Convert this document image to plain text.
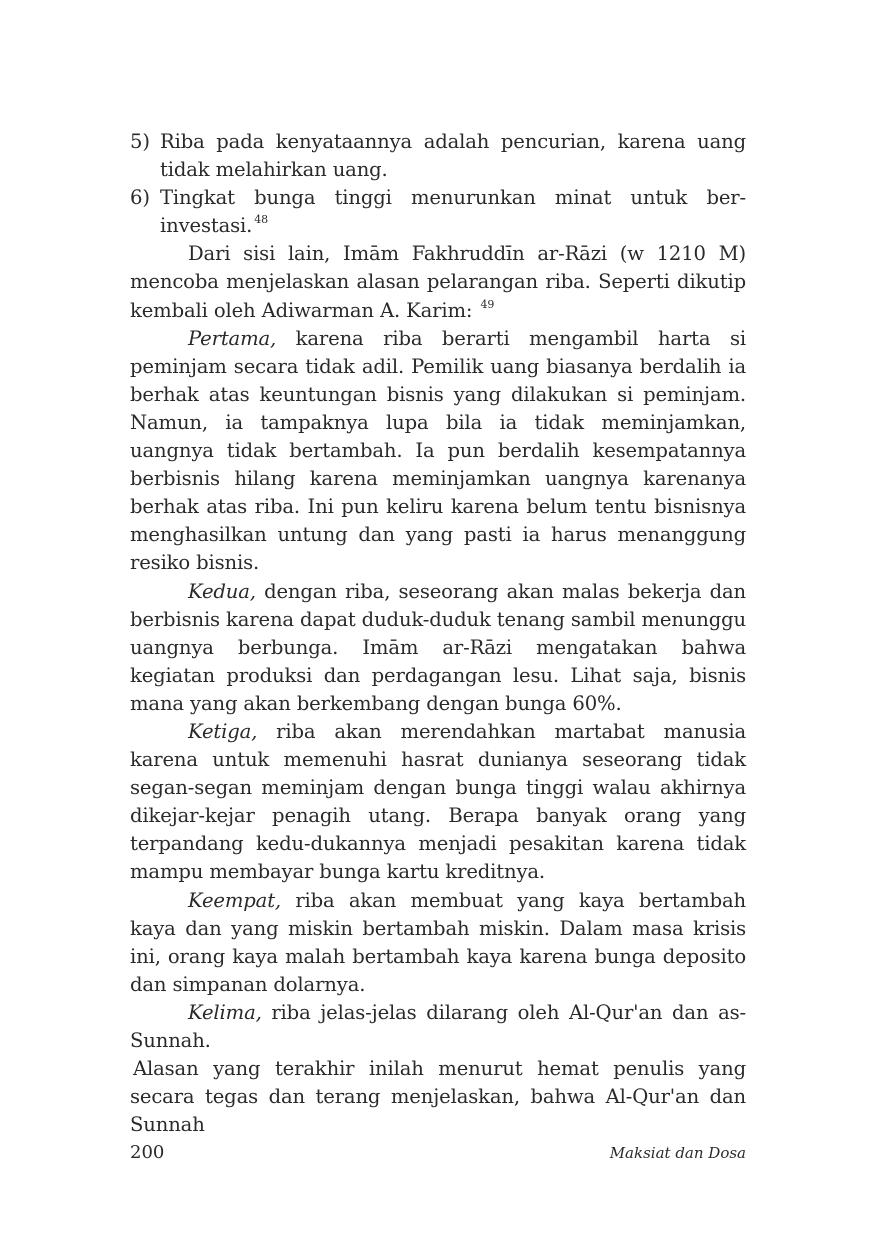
5) Riba pada kenyataannya adalah pencurian, karena uang tidak melahirkan uang.
6) Tingkat bunga tinggi menurunkan minat untuk ber-investasi. $^{48}$

Dari sisi lain, Imām Fakhruddīn ar-Rāzi (w 1210 M) mencoba menjelaskan alasan pelarangan riba. Seperti dikutip kembali oleh Adiwarman A. Karim: $^{49}$

Pertama, karena riba berarti mengambil harta si peminjam secara tidak adil. Pemilik uang biasanya berdalih ia berhak atas keuntungan bisnis yang dilakukan si peminjam. Namun, ia tampaknya lupa bila ia tidak meminjamkan, uangnya tidak bertambah. Ia pun berdalih kesempatannya berbisnis hilang karena meminjamkan uangnya karenanya berhak atas riba. Ini pun keliru karena belum tentu bisnisnya menghasilkan untung dan yang pasti ia harus menanggung resiko bisnis.

Kedua, dengan riba, seseorang akan malas bekerja dan berbisnis karena dapat duduk-duduk tenang sambil menunggu uangnya berbunga. Imām ar-Rāzi mengatakan bahwa kegiatan produksi dan perdagangan lesu. Lihat saja, bisnis mana yang akan berkembang dengan bunga 60%.

Ketiga, riba akan merendahkan martabat manusia karena untuk memenuhi hasrat dunianya seseorang tidak segan-segan meminjam dengan bunga tinggi walau akhirnya dikejar-kejar penagih utang. Berapa banyak orang yang terpandang kedu-dukannya menjadi pesakitan karena tidak mampu membayar bunga kartu kreditnya.

Keempat, riba akan membuat yang kaya bertambah kaya dan yang miskin bertambah miskin. Dalam masa krisis ini, orang kaya malah bertambah kaya karena bunga deposito dan simpanan dolarnya.

Kelima, riba jelas-jelas dilarang oleh Al-Qur'an dan as-Sunnah.

Alasan yang terakhir inilah menurut hemat penulis yang secara tegas dan terang menjelaskan, bahwa Al-Qur'an dan Sunnah

200	Maksiat dan Dosa
